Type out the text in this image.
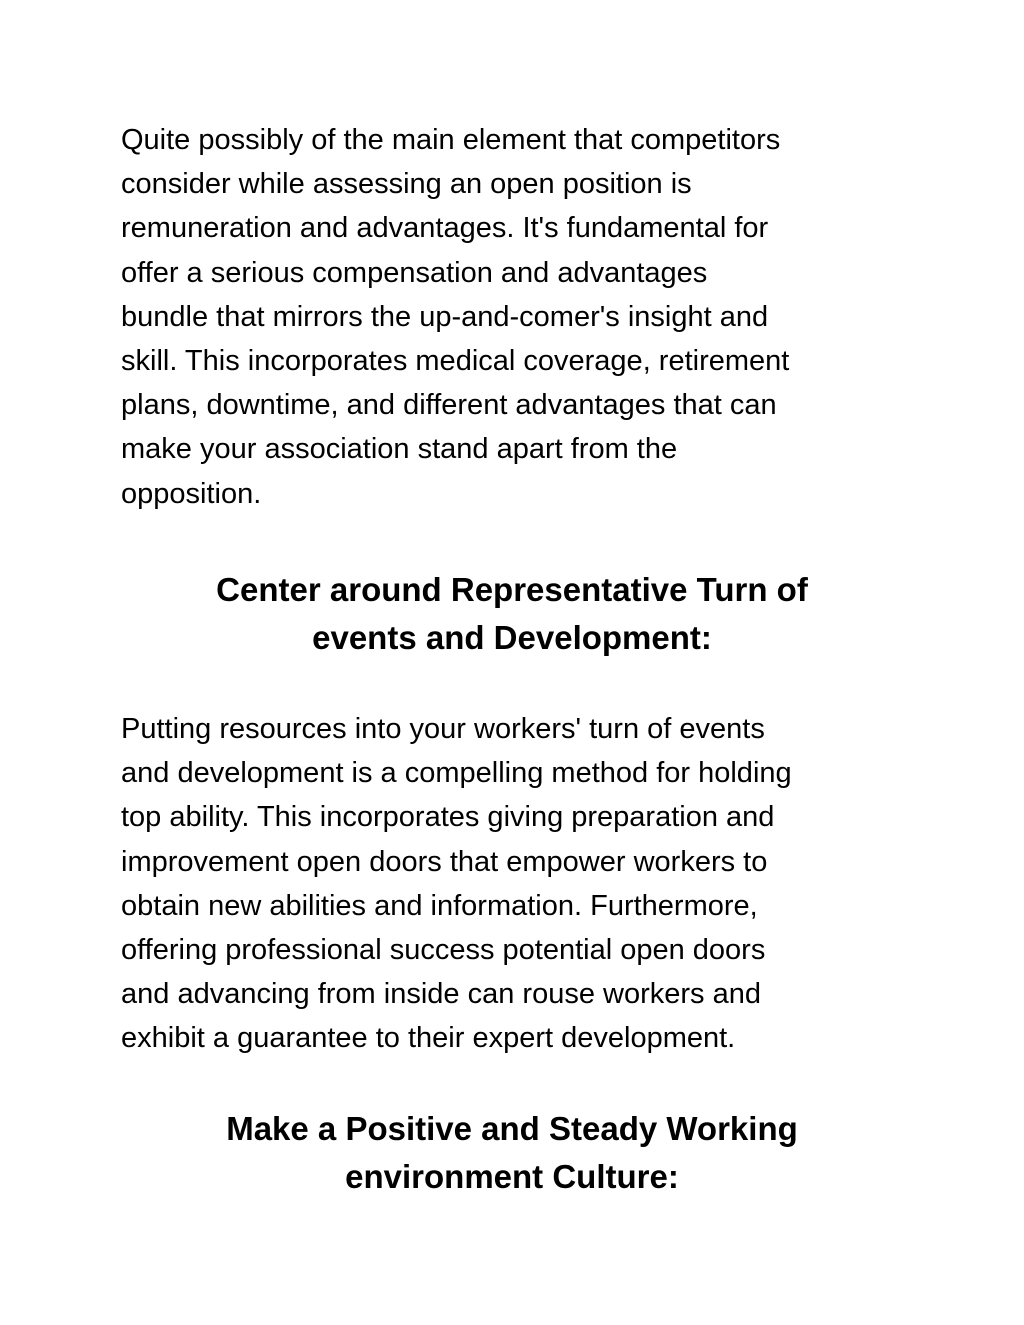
Quite possibly of the main element that competitors
consider while assessing an open position is
remuneration and advantages. It's fundamental for
offer a serious compensation and advantages
bundle that mirrors the up-and-comer's insight and
skill. This incorporates medical coverage, retirement
plans, downtime, and different advantages that can
make your association stand apart from the
opposition.

Center around Representative Turn of
events and Development:

Putting resources into your workers' turn of events
and development is a compelling method for holding
top ability. This incorporates giving preparation and
improvement open doors that empower workers to
obtain new abilities and information. Furthermore,
offering professional success potential open doors
and advancing from inside can rouse workers and
exhibit a guarantee to their expert development.

Make a Positive and Steady Working
environment Culture:
